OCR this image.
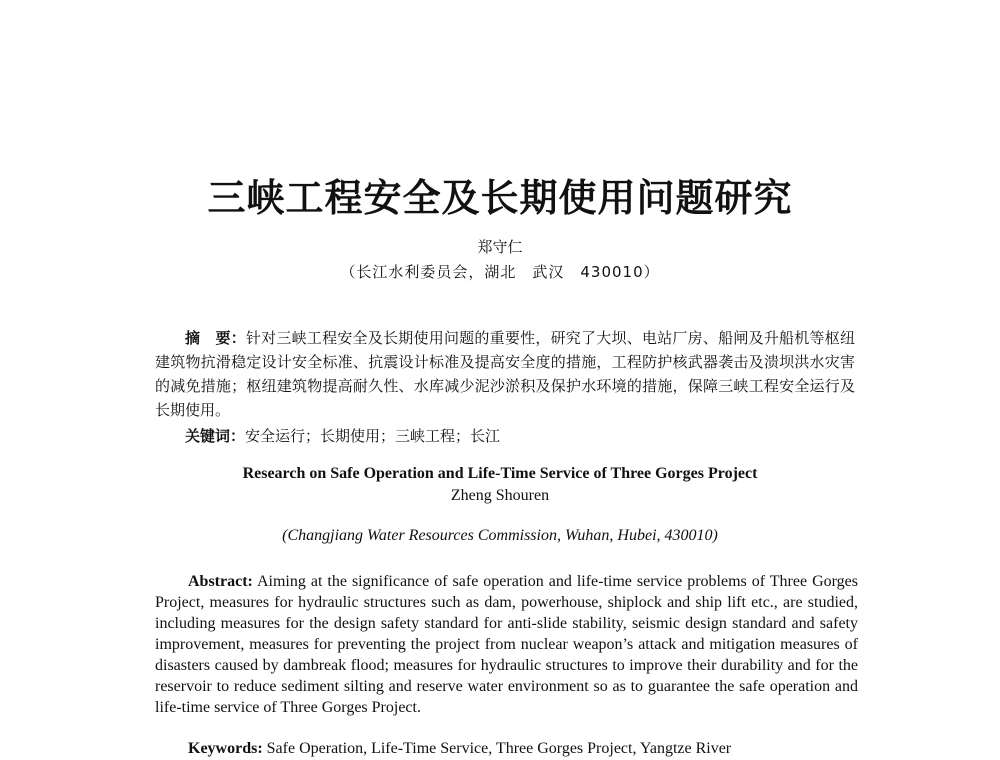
三峡工程安全及长期使用问题研究
郑守仁
（长江水利委员会，湖北　武汉　430010）
摘　要：针对三峡工程安全及长期使用问题的重要性，研究了大坝、电站厂房、船闸及升船机等枢纽建筑物抗滑稳定设计安全标准、抗震设计标准及提高安全度的措施，工程防护核武器袭击及溃坝洪水灾害的减免措施；枢纽建筑物提高耐久性、水库减少泥沙淤积及保护水环境的措施，保障三峡工程安全运行及长期使用。
关键词：安全运行；长期使用；三峡工程；长江
Research on Safe Operation and Life-Time Service of Three Gorges Project
Zheng Shouren
(Changjiang Water Resources Commission, Wuhan, Hubei, 430010)
Abstract: Aiming at the significance of safe operation and life-time service problems of Three Gorges Project, measures for hydraulic structures such as dam, powerhouse, shiplock and ship lift etc., are studied, including measures for the design safety standard for anti-slide stability, seismic design standard and safety improvement, measures for preventing the project from nuclear weapon’s attack and mitigation measures of disasters caused by dambreak flood; measures for hydraulic structures to improve their durability and for the reservoir to reduce sediment silting and reserve water environment so as to guarantee the safe operation and life-time service of Three Gorges Project.
Keywords: Safe Operation, Life-Time Service, Three Gorges Project, Yangtze River
